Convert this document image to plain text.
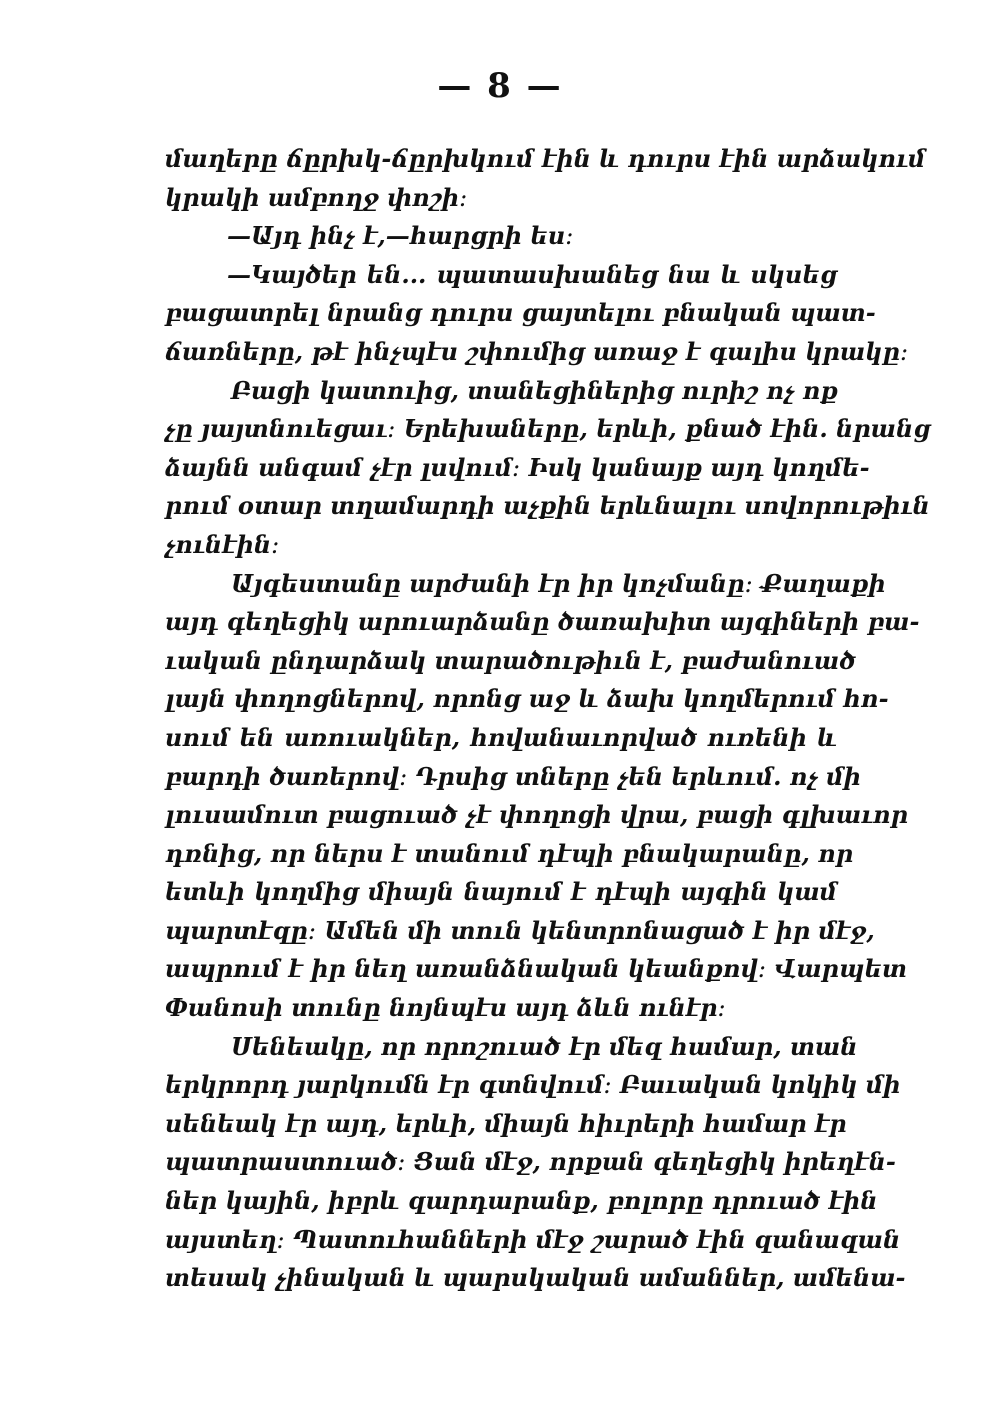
— 8 —
մաղերը ճըրխկ-ճըրխկում էին և դուրս էին արձակում
կրակի ամբողջ փոշի։
—Այդ ինչ է,—հարցրի ես։
—Կայծեր են... պատասխանեց նա և սկսեց
բացատրել նրանց դուրս ցայտելու բնական պատ-
ճառները, թէ ինչպէս շփումից առաջ է գալիս կրակը։
Բացի կատուից, տանեցիներից ուրիշ ոչ ոք
չը յայտնուեցաւ։ Երեխաները, երևի, քնած էին. նրանց
ձայնն անգամ չէր լսվում։ Իսկ կանայք այդ կողմե-
րում օտար տղամարդի աչքին երևնալու սովորութիւն
չունէին։
Այգեստանը արժանի էր իր կոչմանը։ Քաղաքի
այդ գեղեցիկ արուարձանը ծառախիտ այգիների բա-
ւական ընդարձակ տարածութիւն է, բաժանուած
լայն փողոցներով, որոնց աջ և ձախ կողմերում հո-
սում են առուակներ, հովանաւորված ուռենի և
բարդի ծառերով։ Դրսից տները չեն երևում. ոչ մի
լուսամուտ բացուած չէ փողոցի վրա, բացի գլխաւոր
դռնից, որ ներս է տանում դէպի բնակարանը, որ
ետևի կողմից միայն նայում է դէպի այգին կամ
պարտէզը։ Ամեն մի տուն կենտրոնացած է իր մէջ,
ապրում է իր նեղ առանձնական կեանքով։ Վարպետ
Փանոսի տունը նոյնպէս այդ ձևն ունէր։
Սենեակը, որ որոշուած էր մեզ համար, տան
երկրորդ յարկումն էր գտնվում։ Բաւական կոկիկ մի
սենեակ էր այդ, երևի, միայն հիւրերի համար էր
պատրաստուած։ Ցան մէջ, որքան գեղեցիկ իրեղէն-
ներ կային, իբրև զարդարանք, բոլորը դրուած էին
այստեղ։ Պատուհանների մէջ շարած էին զանազան
տեսակ չինական և պարսկական ամաններ, ամենա-
